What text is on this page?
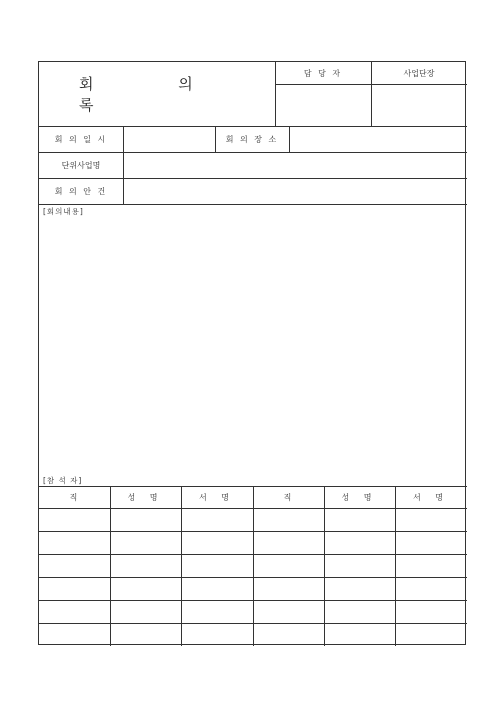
회 의 록
담 당 자	사업단장
회 의 일 시	회 의 장 소
단위사업명
회 의 안 건
[회의내용]
[참 석 자]
직	성 명	서 명	직	성 명	서 명
